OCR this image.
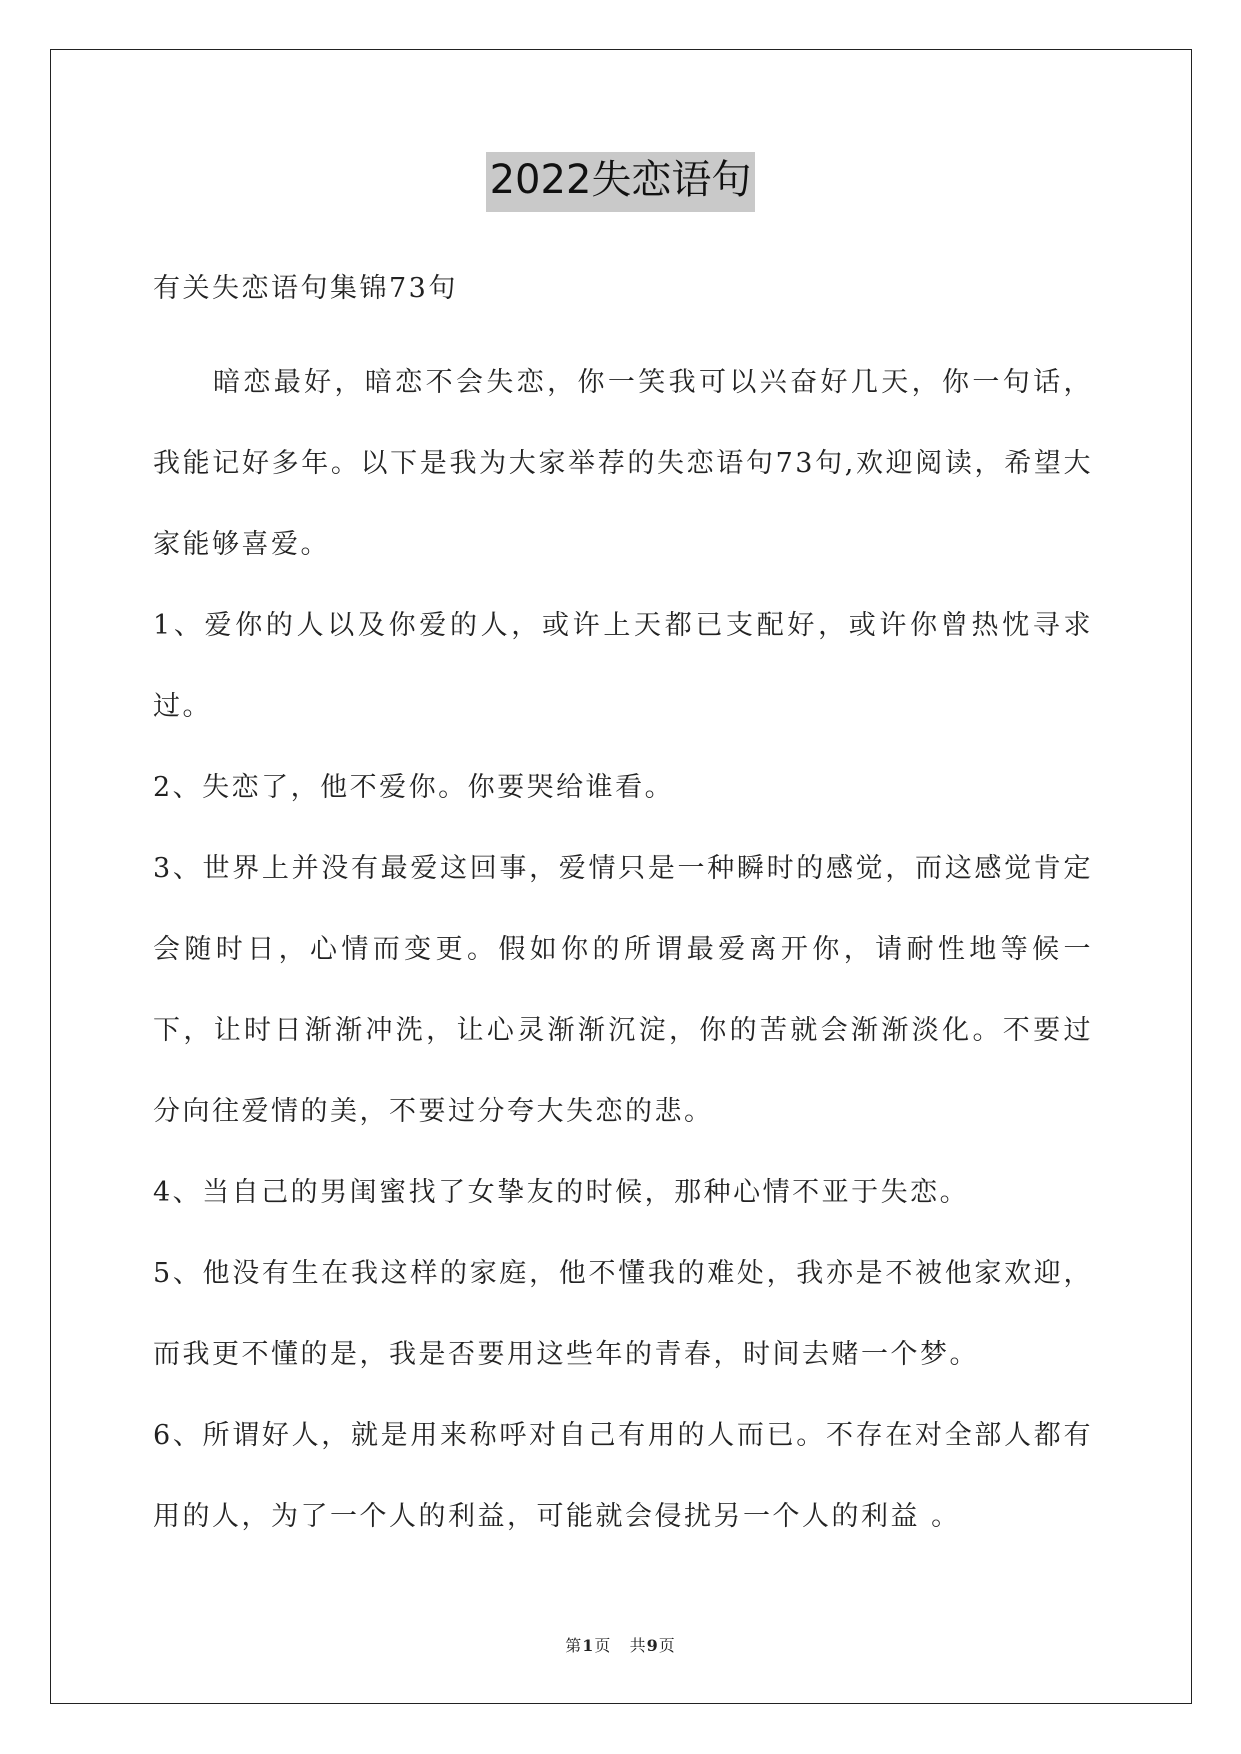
2022失恋语句

有关失恋语句集锦73句

暗恋最好，暗恋不会失恋，你一笑我可以兴奋好几天，你一句话，我能记好多年。以下是我为大家举荐的失恋语句73句,欢迎阅读，希望大家能够喜爱。

1、爱你的人以及你爱的人，或许上天都已支配好，或许你曾热忱寻求过。

2、失恋了，他不爱你。你要哭给谁看。

3、世界上并没有最爱这回事，爱情只是一种瞬时的感觉，而这感觉肯定会随时日，心情而变更。假如你的所谓最爱离开你，请耐性地等候一下，让时日渐渐冲洗，让心灵渐渐沉淀，你的苦就会渐渐淡化。不要过分向往爱情的美，不要过分夸大失恋的悲。

4、当自己的男闺蜜找了女挚友的时候，那种心情不亚于失恋。

5、他没有生在我这样的家庭，他不懂我的难处，我亦是不被他家欢迎，而我更不懂的是，我是否要用这些年的青春，时间去赌一个梦。

6、所谓好人，就是用来称呼对自己有用的人而已。不存在对全部人都有用的人，为了一个人的利益，可能就会侵扰另一个人的利益 。

第1页   共9页
